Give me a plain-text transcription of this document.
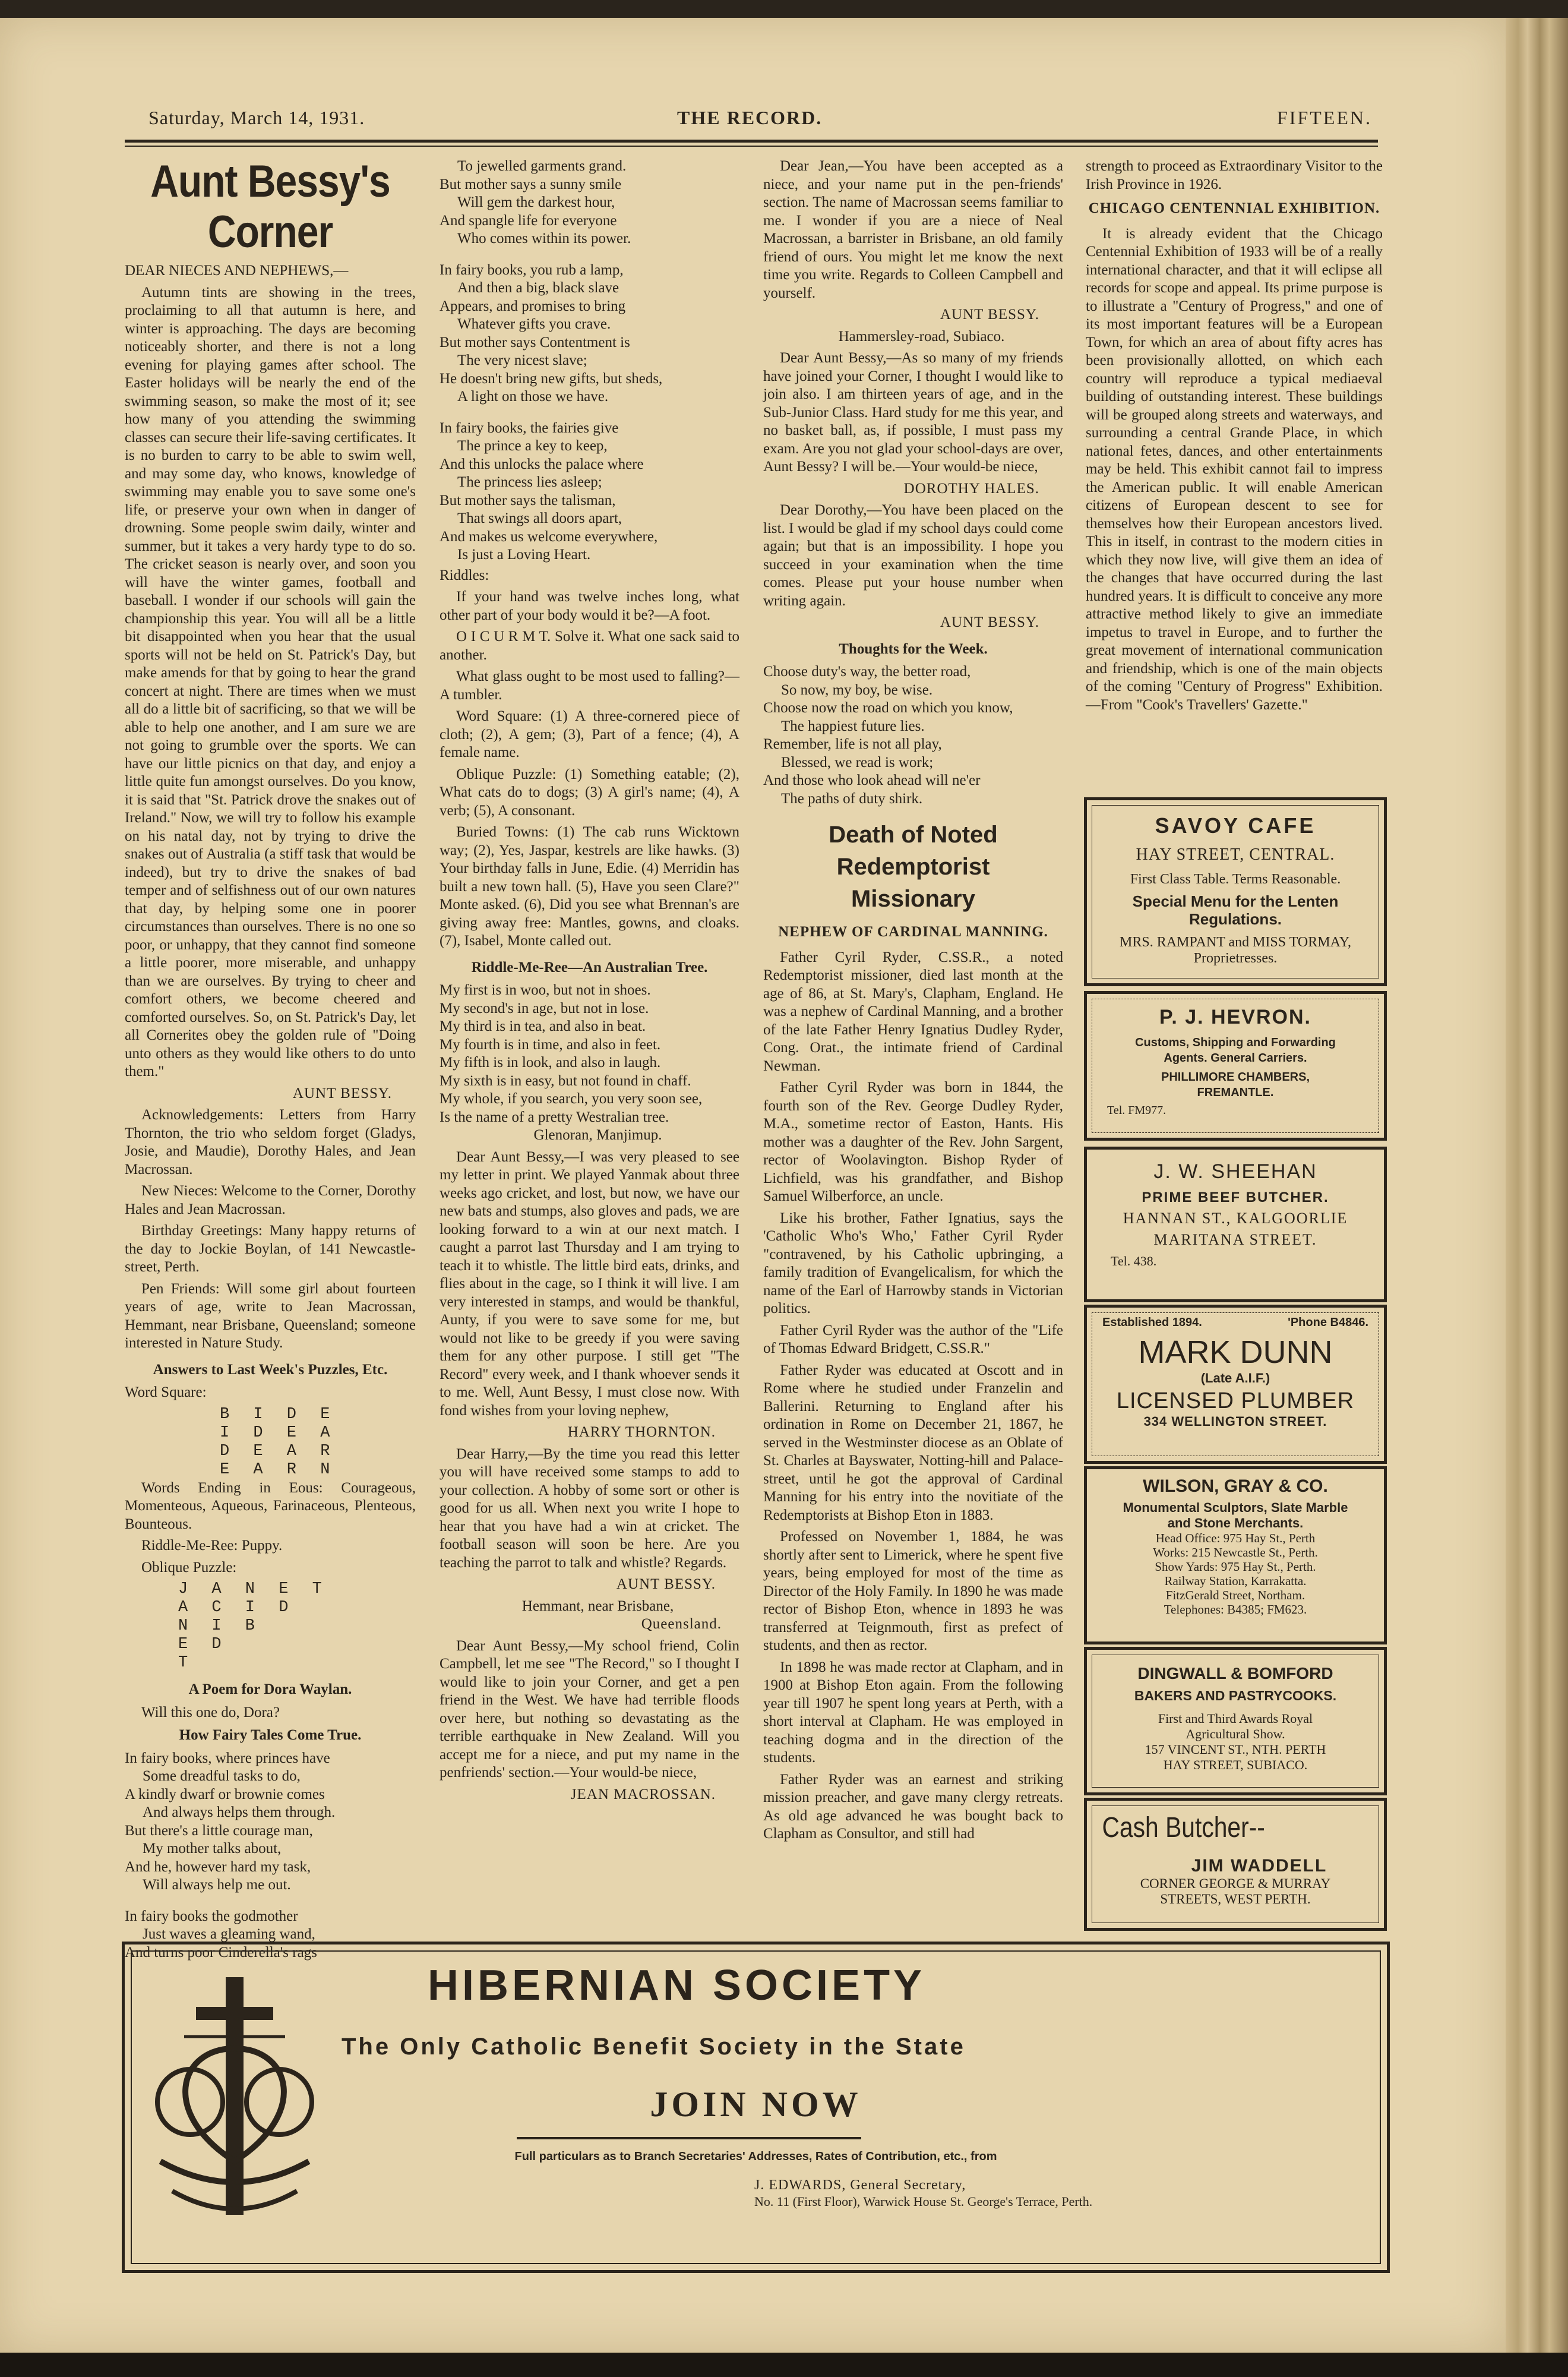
Saturday, March 14, 1931.	THE RECORD.	FIFTEEN.
Aunt Bessy's Corner

DEAR NIECES AND NEPHEWS,—

Autumn tints are showing in the trees, proclaiming to all that autumn is here, and winter is approaching. The days are becoming noticeably shorter, and there is not a long evening for playing games after school. The Easter holidays will be nearly the end of the swimming season, so make the most of it; see how many of you attending the swimming classes can secure their life-saving certificates. It is no burden to carry to be able to swim well, and may some day, who knows, knowledge of swimming may enable you to save some one's life, or preserve your own when in danger of drowning. Some people swim daily, winter and summer, but it takes a very hardy type to do so. The cricket season is nearly over, and soon you will have the winter games, football and baseball. I wonder if our schools will gain the championship this year. You will all be a little bit disappointed when you hear that the usual sports will not be held on St. Patrick's Day, but make amends for that by going to hear the grand concert at night. There are times when we must all do a little bit of sacrificing, so that we will be able to help one another, and I am sure we are not going to grumble over the sports. We can have our little picnics on that day, and enjoy a little quite fun amongst ourselves. Do you know, it is said that "St. Patrick drove the snakes out of Ireland." Now, we will try to follow his example on his natal day, not by trying to drive the snakes out of Australia (a stiff task that would be indeed), but try to drive the snakes of bad temper and of selfishness out of our own natures that day, by helping some one in poorer circumstances than ourselves. There is no one so poor, or unhappy, that they cannot find someone a little poorer, more miserable, and unhappy than we are ourselves. By trying to cheer and comfort others, we become cheered and comforted ourselves. So, on St. Patrick's Day, let all Cornerites obey the golden rule of "Doing unto others as they would like others to do unto them."

AUNT BESSY.

Acknowledgements: Letters from Harry Thornton, the trio who seldom forget (Gladys, Josie, and Maudie), Dorothy Hales, and Jean Macrossan.

New Nieces: Welcome to the Corner, Dorothy Hales and Jean Macrossan.

Birthday Greetings: Many happy returns of the day to Jockie Boylan, of 141 Newcastle-street, Perth.

Pen Friends: Will some girl about fourteen years of age, write to Jean Macrossan, Hemmant, near Brisbane, Queensland; someone interested in Nature Study.

Answers to Last Week's Puzzles, Etc.

Word Square:

B I D E
I D E A
D E A R
E A R N

Words Ending in Eous: Courageous, Momenteous, Aqueous, Farinaceous, Plenteous, Bounteous.

Riddle-Me-Ree: Puppy.

Oblique Puzzle:

J A N E T
A C I D
N I B
E D
T
A Poem for Dora Waylan.

Will this one do, Dora?

How Fairy Tales Come True.

In fairy books, where princes have

Some dreadful tasks to do,

A kindly dwarf or brownie comes

And always helps them through.

But there's a little courage man,

My mother talks about,

And he, however hard my task,

Will always help me out.

In fairy books the godmother

Just waves a gleaming wand,

And turns poor Cinderella's rags

To jewelled garments grand.

But mother says a sunny smile

Will gem the darkest hour,

And spangle life for everyone

Who comes within its power.

In fairy books, you rub a lamp,

And then a big, black slave

Appears, and promises to bring

Whatever gifts you crave.

But mother says Contentment is

The very nicest slave;

He doesn't bring new gifts, but sheds,

A light on those we have.

In fairy books, the fairies give

The prince a key to keep,

And this unlocks the palace where

The princess lies asleep;

But mother says the talisman,

That swings all doors apart,

And makes us welcome everywhere,

Is just a Loving Heart.

Riddles:

If your hand was twelve inches long, what other part of your body would it be?—A foot.

O I C U R M T. Solve it. What one sack said to another.

What glass ought to be most used to falling?—A tumbler.

Word Square: (1) A three-cornered piece of cloth; (2), A gem; (3), Part of a fence; (4), A female name.

Oblique Puzzle: (1) Something eatable; (2), What cats do to dogs; (3) A girl's name; (4), A verb; (5), A consonant.

Buried Towns: (1) The cab runs Wicktown way; (2), Yes, Jaspar, kestrels are like hawks. (3) Your birthday falls in June, Edie. (4) Merridin has built a new town hall. (5), Have you seen Clare?" Monte asked. (6), Did you see what Brennan's are giving away free: Mantles, gowns, and cloaks. (7), Isabel, Monte called out.

Riddle-Me-Ree—An Australian Tree.

My first is in woo, but not in shoes.

My second's in age, but not in lose.

My third is in tea, and also in beat.

My fourth is in time, and also in feet.

My fifth is in look, and also in laugh.

My sixth is in easy, but not found in chaff.

My whole, if you search, you very soon see,

Is the name of a pretty Westralian tree.

Glenoran, Manjimup.

Dear Aunt Bessy,—I was very pleased to see my letter in print. We played Yanmak about three weeks ago cricket, and lost, but now, we have our new bats and stumps, also gloves and pads, we are looking forward to a win at our next match. I caught a parrot last Thursday and I am trying to teach it to whistle. The little bird eats, drinks, and flies about in the cage, so I think it will live. I am very interested in stamps, and would be thankful, Aunty, if you were to save some for me, but would not like to be greedy if you were saving them for any other purpose. I still get "The Record" every week, and I thank whoever sends it to me. Well, Aunt Bessy, I must close now. With fond wishes from your loving nephew,

HARRY THORNTON.

Dear Harry,—By the time you read this letter you will have received some stamps to add to your collection. A hobby of some sort or other is good for us all. When next you write I hope to hear that you have had a win at cricket. The football season will soon be here. Are you teaching the parrot to talk and whistle? Regards.

AUNT BESSY.

Hemmant, near Brisbane,

Queensland.

Dear Aunt Bessy,—My school friend, Colin Campbell, let me see "The Record," so I thought I would like to join your Corner, and get a pen friend in the West. We have had terrible floods over here, but nothing so devastating as the terrible earthquake in New Zealand. Will you accept me for a niece, and put my name in the penfriends' section.—Your would-be niece,

JEAN MACROSSAN.

Dear Jean,—You have been accepted as a niece, and your name put in the pen-friends' section. The name of Macrossan seems familiar to me. I wonder if you are a niece of Neal Macrossan, a barrister in Brisbane, an old family friend of ours. You might let me know the next time you write. Regards to Colleen Campbell and yourself.

AUNT BESSY.

Hammersley-road, Subiaco.

Dear Aunt Bessy,—As so many of my friends have joined your Corner, I thought I would like to join also. I am thirteen years of age, and in the Sub-Junior Class. Hard study for me this year, and no basket ball, as, if possible, I must pass my exam. Are you not glad your school-days are over, Aunt Bessy? I will be.—Your would-be niece,

DOROTHY HALES.

Dear Dorothy,—You have been placed on the list. I would be glad if my school days could come again; but that is an impossibility. I hope you succeed in your examination when the time comes. Please put your house number when writing again.

AUNT BESSY.

Thoughts for the Week.

Choose duty's way, the better road,

So now, my boy, be wise.

Choose now the road on which you know,

The happiest future lies.

Remember, life is not all play,

Blessed, we read is work;

And those who look ahead will ne'er

The paths of duty shirk.

Death of Noted Redemptorist
Missionary
NEPHEW OF CARDINAL MANNING.

Father Cyril Ryder, C.SS.R., a noted Redemptorist missioner, died last month at the age of 86, at St. Mary's, Clapham, England. He was a nephew of Cardinal Manning, and a brother of the late Father Henry Ignatius Dudley Ryder, Cong. Orat., the intimate friend of Cardinal Newman.

Father Cyril Ryder was born in 1844, the fourth son of the Rev. George Dudley Ryder, M.A., sometime rector of Easton, Hants. His mother was a daughter of the Rev. John Sargent, rector of Woolavington. Bishop Ryder of Lichfield, was his grandfather, and Bishop Samuel Wilberforce, an uncle.

Like his brother, Father Ignatius, says the 'Catholic Who's Who,' Father Cyril Ryder "contravened, by his Catholic upbringing, a family tradition of Evangelicalism, for which the name of the Earl of Harrowby stands in Victorian politics.

Father Cyril Ryder was the author of the "Life of Thomas Edward Bridgett, C.SS.R."

Father Ryder was educated at Oscott and in Rome where he studied under Franzelin and Ballerini. Returning to England after his ordination in Rome on December 21, 1867, he served in the Westminster diocese as an Oblate of St. Charles at Bayswater, Notting-hill and Palace-street, until he got the approval of Cardinal Manning for his entry into the novitiate of the Redemptorists at Bishop Eton in 1883.

Professed on November 1, 1884, he was shortly after sent to Limerick, where he spent five years, being employed for most of the time as Director of the Holy Family. In 1890 he was made rector of Bishop Eton, whence in 1893 he was transferred at Teignmouth, first as prefect of students, and then as rector.

In 1898 he was made rector at Clapham, and in 1900 at Bishop Eton again. From the following year till 1907 he spent long years at Perth, with a short interval at Clapham. He was employed in teaching dogma and in the direction of the students.

Father Ryder was an earnest and striking mission preacher, and gave many clergy retreats. As old age advanced he was bought back to Clapham as Consultor, and still had

strength to proceed as Extraordinary Visitor to the Irish Province in 1926.

CHICAGO CENTENNIAL EXHIBITION.

It is already evident that the Chicago Centennial Exhibition of 1933 will be of a really international character, and that it will eclipse all records for scope and appeal. Its prime purpose is to illustrate a "Century of Progress," and one of its most important features will be a European Town, for which an area of about fifty acres has been provisionally allotted, on which each country will reproduce a typical mediaeval building of outstanding interest. These buildings will be grouped along streets and waterways, and surrounding a central Grande Place, in which national fetes, dances, and other entertainments may be held. This exhibit cannot fail to impress the American public. It will enable American citizens of European descent to see for themselves how their European ancestors lived. This in itself, in contrast to the modern cities in which they now live, will give them an idea of the changes that have occurred during the last hundred years. It is difficult to conceive any more attractive method likely to give an immediate impetus to travel in Europe, and to further the great movement of international communication and friendship, which is one of the main objects of the coming "Century of Progress" Exhibition.—From "Cook's Travellers' Gazette."

SAVOY CAFE
HAY STREET, CENTRAL.
First Class Table. Terms Reasonable.
Special Menu for the Lenten Regulations.
MRS. RAMPANT and MISS TORMAY,
Proprietresses.
P. J. HEVRON.
Customs, Shipping and Forwarding Agents. General Carriers.
PHILLIMORE CHAMBERS, FREMANTLE.
Tel. FM977.
J. W. SHEEHAN
PRIME BEEF BUTCHER.
HANNAN ST., KALGOORLIE
MARITANA STREET.
Tel. 438.
Established 1894.	'Phone B4846.
MARK DUNN
(Late A.I.F.)
LICENSED PLUMBER
334 WELLINGTON STREET.
WILSON, GRAY & CO.
Monumental Sculptors, Slate Marble and Stone Merchants.
Head Office: 975 Hay St., Perth
Works: 215 Newcastle St., Perth.
Show Yards: 975 Hay St., Perth.
Railway Station, Karrakatta.
FitzGerald Street, Northam.
Telephones: B4385; FM623.
DINGWALL & BOMFORD
BAKERS AND PASTRYCOOKS.
First and Third Awards Royal Agricultural Show.
157 VINCENT ST., NTH. PERTH
HAY STREET, SUBIACO.
Cash Butcher--
JIM WADDELL
CORNER GEORGE & MURRAY
STREETS, WEST PERTH.
HIBERNIAN SOCIETY
The Only Catholic Benefit Society in the State
JOIN NOW
Full particulars as to Branch Secretaries' Addresses, Rates of Contribution, etc., from
J. EDWARDS, General Secretary,
No. 11 (First Floor), Warwick House St. George's Terrace, Perth.
